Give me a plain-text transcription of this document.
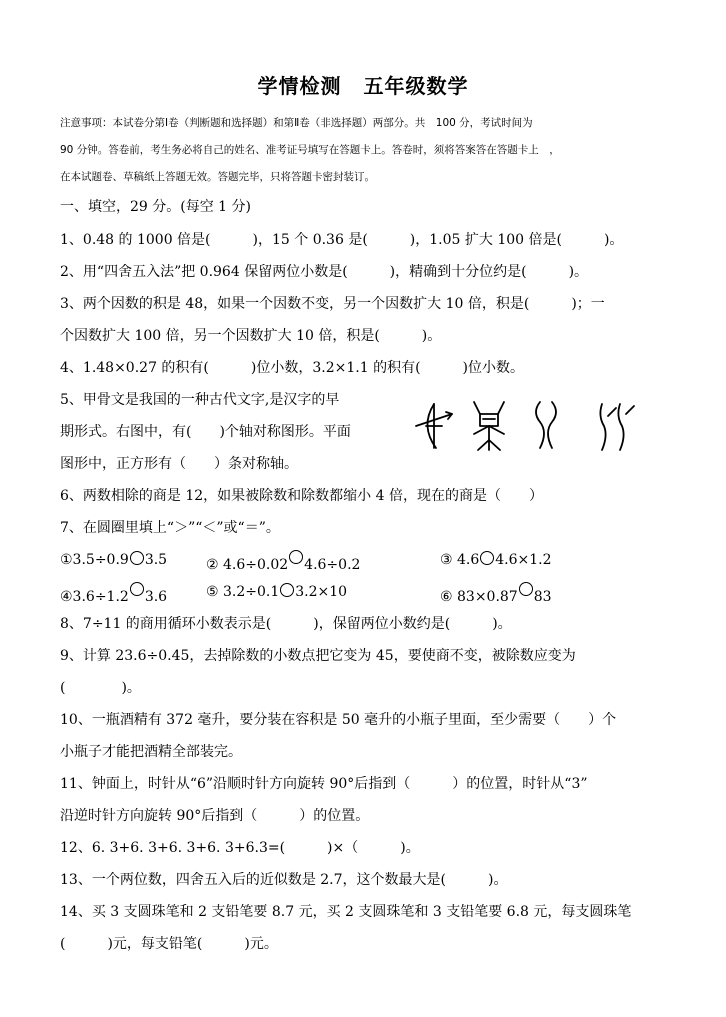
学情检测 五年级数学
注意事项：本试卷分第Ⅰ卷（判断题和选择题）和第Ⅱ卷（非选择题）两部分。共　100 分，考试时间为
90 分钟。答卷前，考生务必将自己的姓名、准考证号填写在答题卡上。答卷时，须将答案答在答题卡上　，
在本试题卷、草稿纸上答题无效。答题完毕，只将答题卡密封装订。
一、填空，29 分。(每空 1 分)
1、0.48 的 1000 倍是(　　　)，15 个 0.36 是(　　　)，1.05 扩大 100 倍是(　　　)。
2、用“四舍五入法”把 0.964 保留两位小数是(　　　)，精确到十分位约是(　　　)。
3、两个因数的积是 48，如果一个因数不变，另一个因数扩大 10 倍，积是(　　　)；一
个因数扩大 100 倍，另一个因数扩大 10 倍，积是(　　　)。
4、1.48×0.27 的积有(　　　)位小数，3.2×1.1 的积有(　　　)位小数。
5、甲骨文是我国的一种古代文字,是汉字的早
期形式。右图中，有(　　)个轴对称图形。平面
图形中，正方形有（　　）条对称轴。
6、两数相除的商是 12，如果被除数和除数都缩小 4 倍，现在的商是（　　）
7、在圆圈里填上“＞”“＜”或“＝”。
①3.5÷0.9 3.5	② 4.6÷0.02 4.6÷0.2	③ 4.6 4.6×1.2
④3.6÷1.2 3.6	⑤ 3.2÷0.1 3.2×10	⑥ 83×0.87 83
8、7÷11 的商用循环小数表示是(　　　)，保留两位小数约是(　　　)。
9、计算 23.6÷0.45，去掉除数的小数点把它变为 45，要使商不变，被除数应变为
(　　　　)。
10、一瓶酒精有 372 毫升，要分装在容积是 50 毫升的小瓶子里面，至少需要（　　）个
小瓶子才能把酒精全部装完。
11、钟面上，时针从“6”沿顺时针方向旋转 90°后指到（　　　）的位置，时针从“3”
沿逆时针方向旋转 90°后指到（　　　）的位置。
12、6. 3+6. 3+6. 3+6. 3+6.3=(　　　)×（　　　)。
13、一个两位数，四舍五入后的近似数是 2.7，这个数最大是(　　　)。
14、买 3 支圆珠笔和 2 支铅笔要 8.7 元，买 2 支圆珠笔和 3 支铅笔要 6.8 元，每支圆珠笔
(　　　)元，每支铅笔(　　　)元。
